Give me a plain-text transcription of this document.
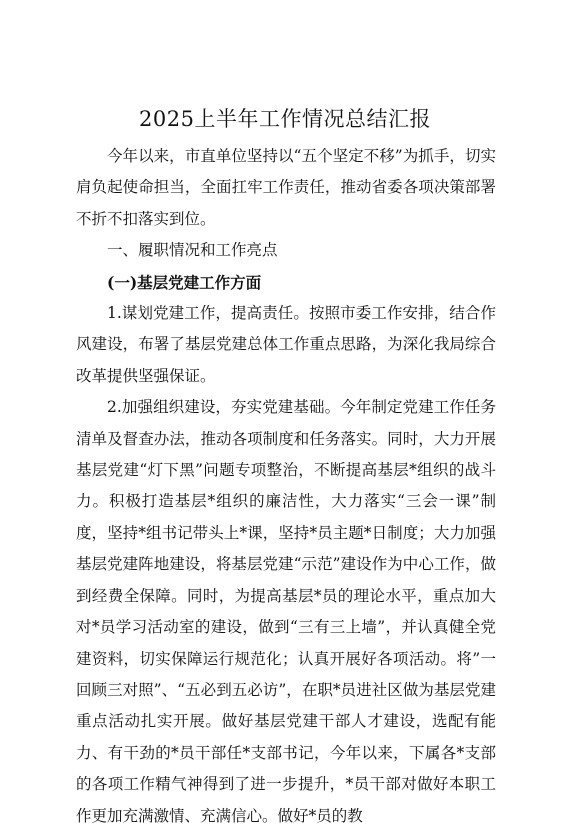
2025上半年工作情况总结汇报

今年以来，市直单位坚持以“五个坚定不移”为抓手，切实肩负起使命担当，全面扛牢工作责任，推动省委各项决策部署不折不扣落实到位。

一、履职情况和工作亮点

(一)基层党建工作方面

1.谋划党建工作，提高责任。按照市委工作安排，结合作风建设，布署了基层党建总体工作重点思路，为深化我局综合改革提供坚强保证。

2.加强组织建设，夯实党建基础。今年制定党建工作任务清单及督查办法，推动各项制度和任务落实。同时，大力开展基层党建“灯下黑”问题专项整治，不断提高基层*组织的战斗力。积极打造基层*组织的廉洁性，大力落实“三会一课”制度，坚持*组书记带头上*课，坚持*员主题*日制度；大力加强基层党建阵地建设，将基层党建“示范”建设作为中心工作，做到经费全保障。同时，为提高基层*员的理论水平，重点加大对*员学习活动室的建设，做到“三有三上墙”，并认真健全党建资料，切实保障运行规范化；认真开展好各项活动。将”一回顾三对照”、“五必到五必访”，在职*员进社区做为基层党建重点活动扎实开展。做好基层党建干部人才建设，选配有能力、有干劲的*员干部任*支部书记，今年以来，下属各*支部的各项工作精气神得到了进一步提升，*员干部对做好本职工作更加充满激情、充满信心。做好*员的教
